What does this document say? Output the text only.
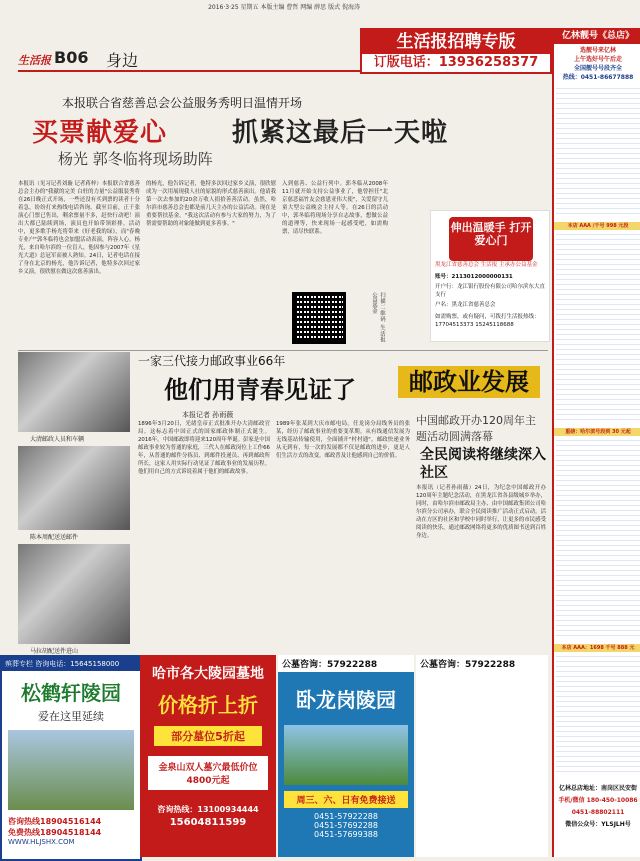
2016·3·25 星期五 本版主编 曹哲 网编 薛思 版式 倪海涛
生活报 B06 身边
生活报招聘专版
订版电话：13936258377
本报联合省慈善总会公益服务秀明日温情开场
买票献爱心 抓紧这最后一天啦
杨光 郭冬临将现场助阵
本报讯（见习记者刘璇 记者蒋梓）本报联合省慈善总会主办的"我献的完美 白驻的力量"公益服装秀将在26日晚正式开场，一些还没有买到票的读者十分着急，纷纷打来热线电话咨询。截至目前，正千张演心门票已售出，剩余票量不多，赶快行动吧！演出大都已陆续到场，演员也开始带领彩排。活动中，更多歌手杨光将带来《好老我的绿》，而"春晚专业户"郭冬临将也会加盟活动表演，阵容人心。杨光，来自哈尔滨的一位盲人，他因参与2007年《星光大道》总冠军而被人熟知。24日，记者电话在接了身在北京的杨光，他告诉记者，他特多次回过家乡义演，很欣慰在做这次慈善演出。
的杨光，他告诉记者，他特多次回过家乡义演，很欣慰成为一次用展现我人社的原貌的形式慈善演出。他请我第一次去参加的20余万收人捐拾善善活动。虽然，哈尔滨市慈善总会也都是前几天主办的公益活动。现在是重要帮扶基金。"我这次活动有参与大家的努力，为了帮需要帮助的对象能做到更多善事。"
入到慈善、公益行列中。郭冬临从2008年11月就开始支持公益事业了，他曾担任"北京慈悲福竹友会慈恩亚伟大使"，关爱留守儿童大型公益晚会主持人等。在26日的活动中，郭冬临将现场分享自志故事，想做公益的道理等，快来现场一起感受吧，如需购票，请尽快联系。
扫描二维码 生活报公益基金
伸出温暖手 打开爱心门
黑龙江省慈善总会 生活报 主承办公益基金
账号：2113012000000131
开户行：龙江银行股份有限公司哈尔滨东大直支行
户名：黑龙江省慈善总会
如需购票，或有疑问，可拨打生活报热线：17704513373 15245118688
大清邮政人员和车辆
陈本周配送送邮件
马拉胡配送件进山
一家三代接力邮政事业66年
他们用青春见证了	邮政业发展
本报记者 孙雨薇
1896年3月20日，光绪皇帝正式批准开办大清邮政官局。这标志着中国正式的国家邮政体制正式诞生。2016年，中国邮政即将迎来120周年华诞。彭家是中国邮政事业较为普通的家庭，三代人在邮政岗位上工作66年，从普通的邮件分拣员、到邮件投递员、再到邮政所所长，这家人用实际行动见证了邮政事业的发展历程。他们用自己的方式诉说着属于他们的邮政故事。
1989年张某到大庆市邮电局。任龙岗分局线务员的张某，经历了邮政事业的重要变革期。从有线通信发展为无线基站传输使用，全面铺开"村村通"。邮政快递业务从无到有，每一次的发展都不仅是邮政的进步，更是人们生活方式的改变。邮政普及让他感到自己的价值。
中国邮政开办120周年主题活动圆满落幕
全民阅读将继续深入社区
本报讯（记者孙雨薇）24日，为纪念中国邮政开办120周年主题纪念活动，在黑龙江省各县级城乡举办，同时，由哈尔滨市邮政局主办、由中国邮政集团公司哈尔滨分公司承办，联合全民阅读推广活动正式启动。活动在方区的社区和学校中同时举行，让更多的市民感受阅读的快乐，通过邮政网络将更多的优质图书送到百姓身边。
殡葬专栏 咨询电话：15645158000
松鹤轩陵园
爱在这里延续
咨询热线18904516144
免费热线18904518144
WWW.HLJSHX.COM
哈市各大陵园墓地
价格折上折
部分墓位5折起
金泉山双人墓穴最低价位 4800元起
咨询热线：13100934444
15604811599
公墓咨询：57922288
卧龙岗陵园
周三、六、日有免费接送
0451-57922288
0451-57692288
0451-57699388
公墓咨询：57922288
亿林靓号《总店》
选靓号来亿林
上午选好号午后走
全国靓号号段齐全
热线：0451-86677888
本店 AAA /千号 998 元段
重磅：哈尔滨号段到 30 元起
本店 AAA：1698 千号 888 元
亿林总店地址：南岗区民安街
手机/微信 180-450-10086
0451-88802111
微信公众号：YLSJLH号
